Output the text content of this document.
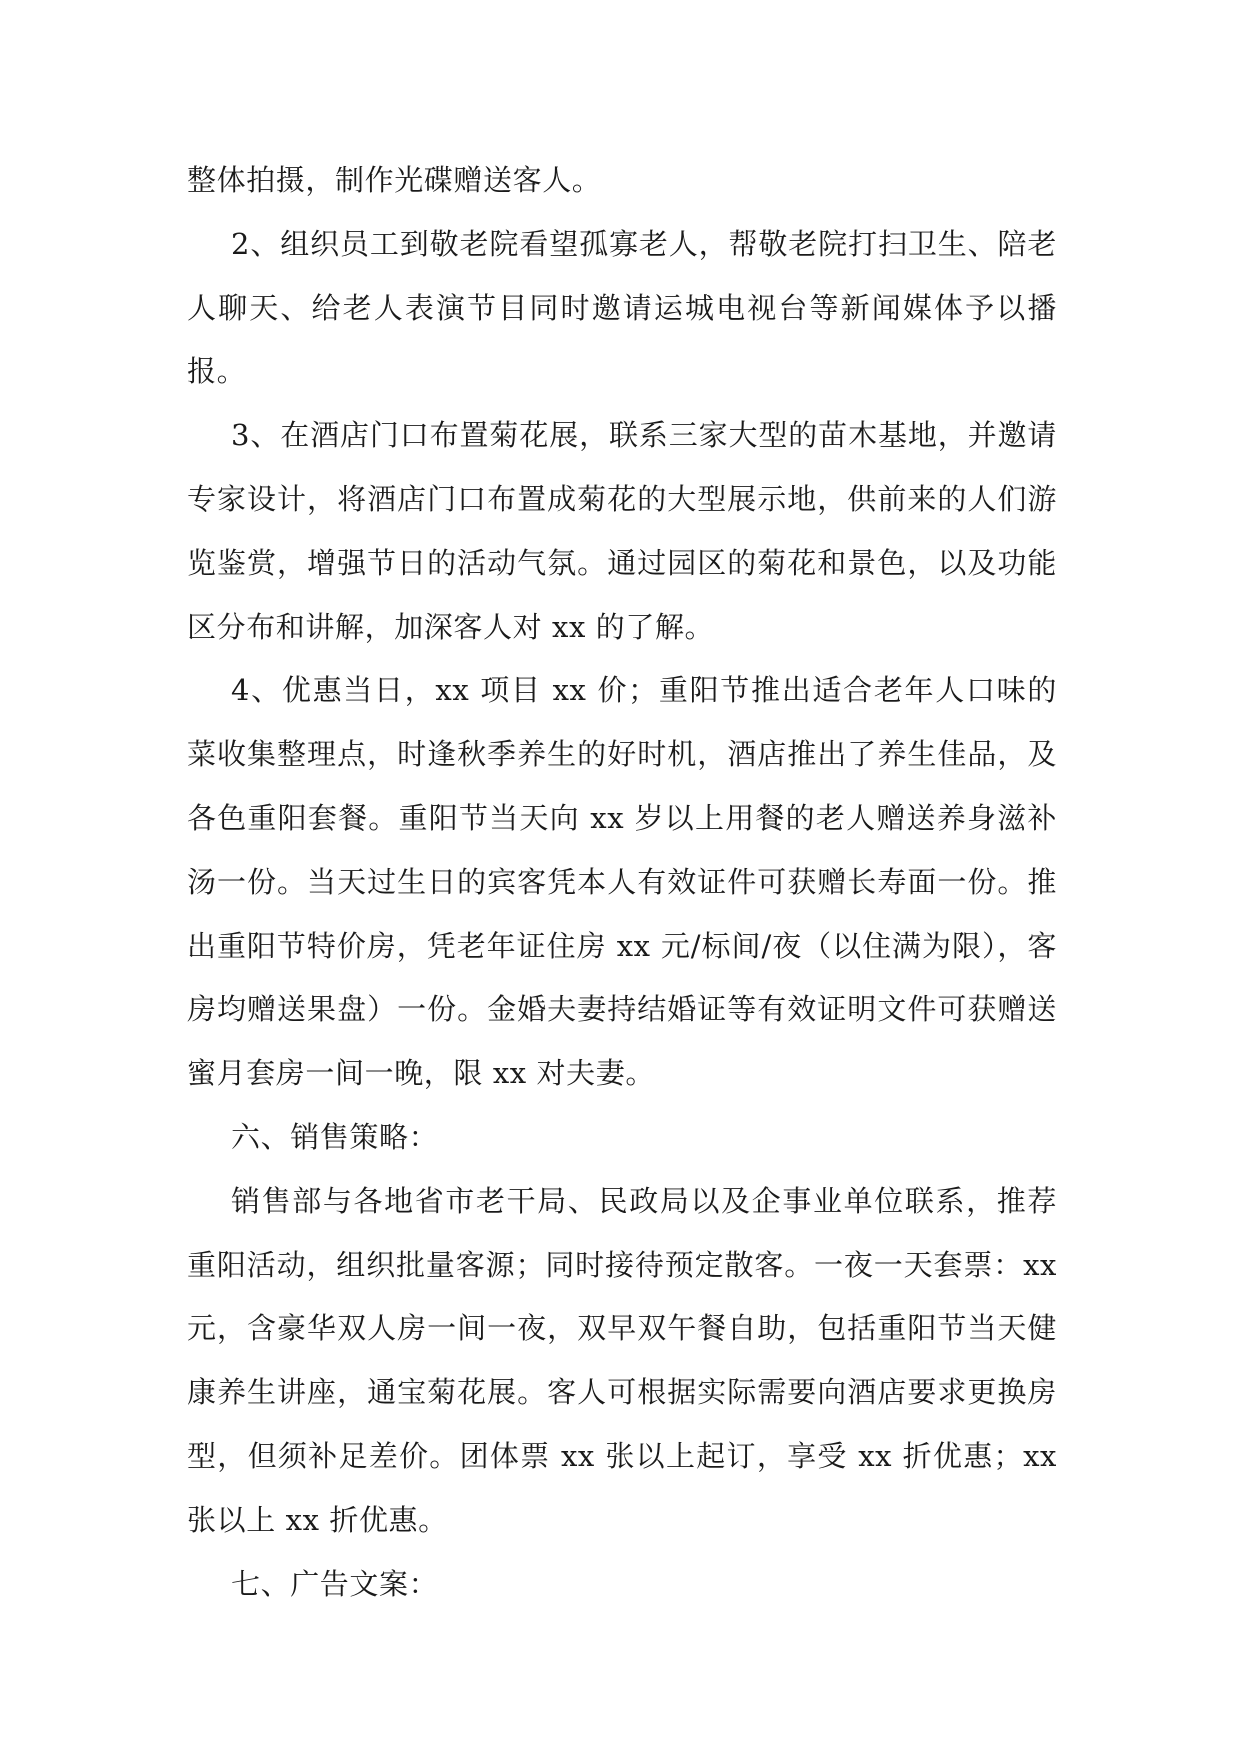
整体拍摄，制作光碟赠送客人。

2、组织员工到敬老院看望孤寡老人，帮敬老院打扫卫生、陪老人聊天、给老人表演节目同时邀请运城电视台等新闻媒体予以播报。

3、在酒店门口布置菊花展，联系三家大型的苗木基地，并邀请专家设计，将酒店门口布置成菊花的大型展示地，供前来的人们游览鉴赏，增强节日的活动气氛。通过园区的菊花和景色，以及功能区分布和讲解，加深客人对 xx 的了解。

4、优惠当日，xx 项目 xx 价；重阳节推出适合老年人口味的菜收集整理点，时逢秋季养生的好时机，酒店推出了养生佳品，及各色重阳套餐。重阳节当天向 xx 岁以上用餐的老人赠送养身滋补汤一份。当天过生日的宾客凭本人有效证件可获赠长寿面一份。推出重阳节特价房，凭老年证住房 xx 元/标间/夜（以住满为限），客房均赠送果盘）一份。金婚夫妻持结婚证等有效证明文件可获赠送蜜月套房一间一晚，限 xx 对夫妻。

六、销售策略：

销售部与各地省市老干局、民政局以及企事业单位联系，推荐重阳活动，组织批量客源；同时接待预定散客。一夜一天套票：xx 元，含豪华双人房一间一夜，双早双午餐自助，包括重阳节当天健康养生讲座，通宝菊花展。客人可根据实际需要向酒店要求更换房型，但须补足差价。团体票 xx 张以上起订，享受 xx 折优惠；xx 张以上 xx 折优惠。

七、广告文案：
